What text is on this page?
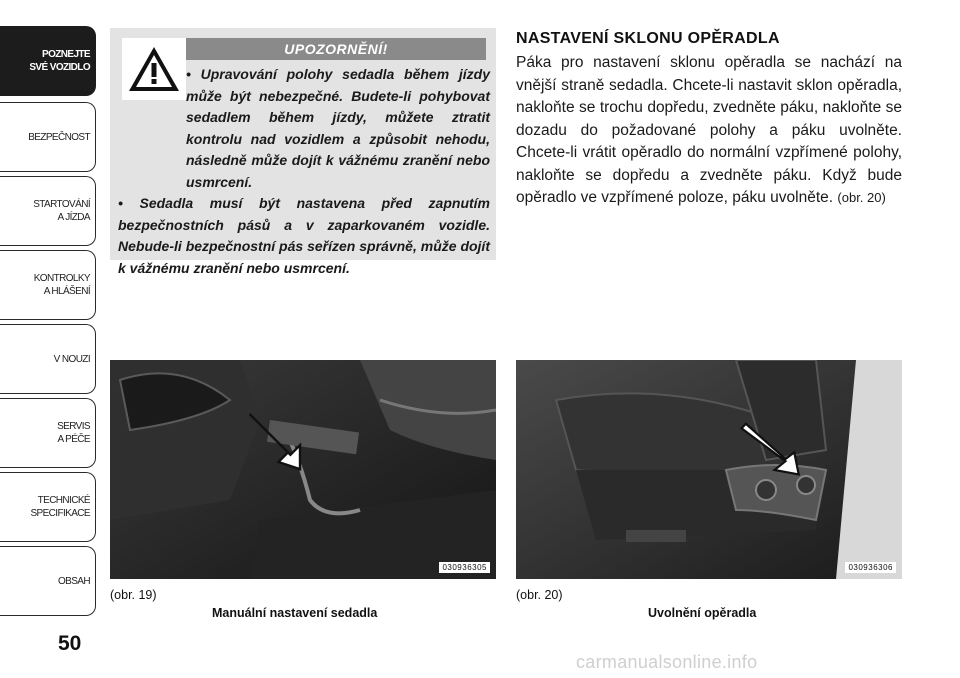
POZNEJTE
SVÉ VOZIDLO
BEZPEČNOST
STARTOVÁNÍ
A JÍZDA
KONTROLKY
A HLÁŠENÍ
V NOUZI
SERVIS
A PÉČE
TECHNICKÉ
SPECIFIKACE
OBSAH
50
UPOZORNĚNÍ!

• Upravování polohy sedadla během jízdy může být nebezpečné. Budete-li pohybovat sedadlem během jízdy, můžete ztratit kontrolu nad vozidlem a způsobit nehodu, následně může dojít k vážnému zranění nebo usmrcení.

• Sedadla musí být nastavena před zapnutím bezpečnostních pásů a v zaparkovaném vozidle. Nebude-li bezpečnostní pás seřízen správně, může dojít k vážnému zranění nebo usmrcení.

NASTAVENÍ SKLONU OPĚRADLA
Páka pro nastavení sklonu opěradla se nachází na vnější straně sedadla. Chcete-li nastavit sklon opěradla, nakloňte se trochu dopředu, zvedněte páku, nakloňte se dozadu do požadované polohy a páku uvolněte. Chcete-li vrátit opěradlo do normální vzpřímené polohy, nakloňte se dopředu a zvedněte páku. Když bude opěradlo ve vzpřímené poloze, páku uvolněte. (obr. 20)
030936305
(obr. 19)
Manuální nastavení sedadla
030936306
(obr. 20)
Uvolnění opěradla
carmanualsonline.info
